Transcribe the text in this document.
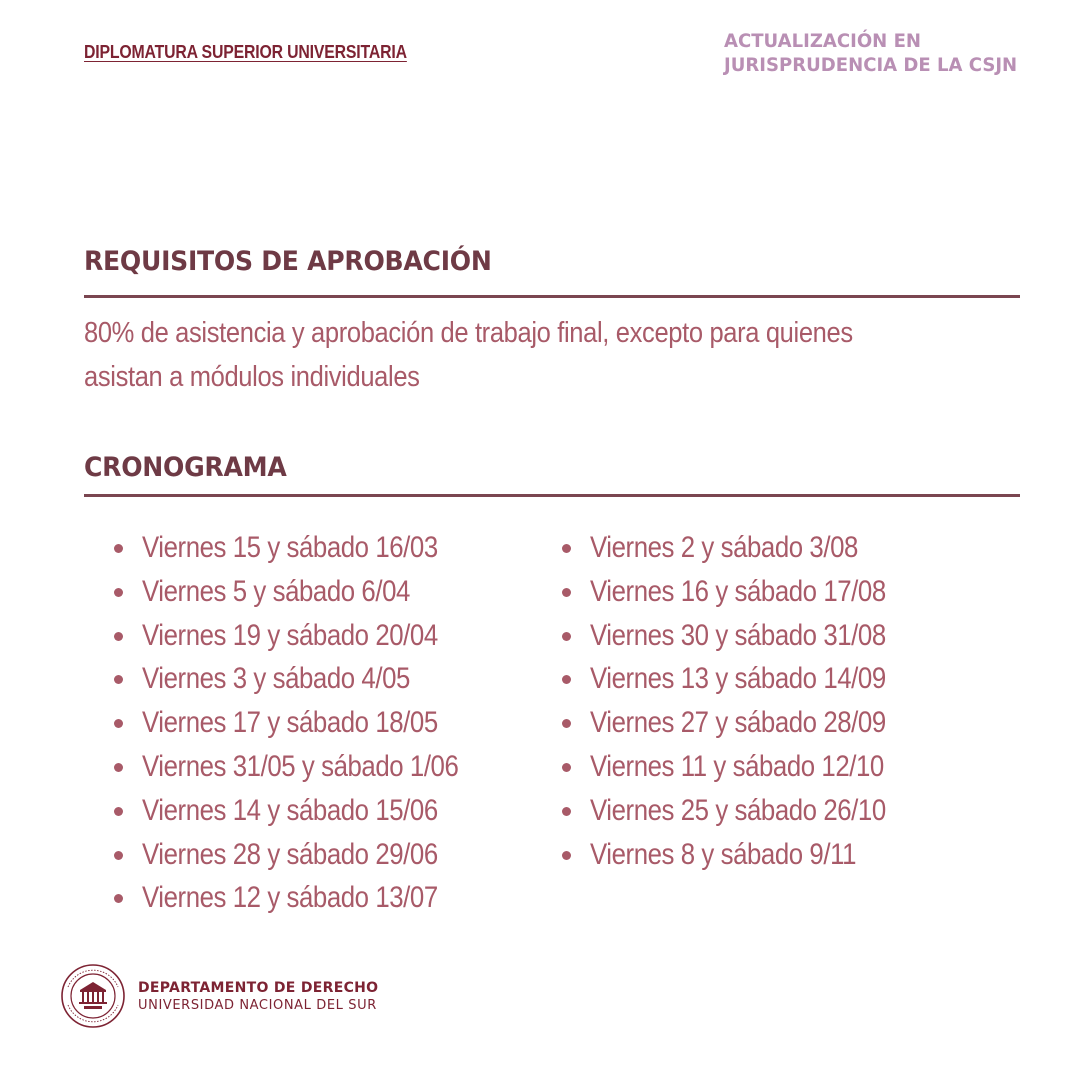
DIPLOMATURA SUPERIOR UNIVERSITARIA	ACTUALIZACIÓN EN
JURISPRUDENCIA DE LA CSJN
REQUISITOS DE APROBACIÓN
80% de asistencia y aprobación de trabajo final, excepto para quienes asistan a módulos individuales
CRONOGRAMA
Viernes 15 y sábado 16/03
Viernes 5 y sábado 6/04
Viernes 19 y sábado 20/04
Viernes 3 y sábado 4/05
Viernes 17 y sábado 18/05
Viernes 31/05 y sábado 1/06
Viernes 14 y sábado 15/06
Viernes 28 y sábado 29/06
Viernes 12 y sábado 13/07
Viernes 2 y sábado 3/08
Viernes 16 y sábado 17/08
Viernes 30 y sábado 31/08
Viernes 13 y sábado 14/09
Viernes 27 y sábado 28/09
Viernes 11 y sábado 12/10
Viernes 25 y sábado 26/10
Viernes 8 y sábado 9/11
DEPARTAMENTO DE DERECHO
UNIVERSIDAD NACIONAL DEL SUR
